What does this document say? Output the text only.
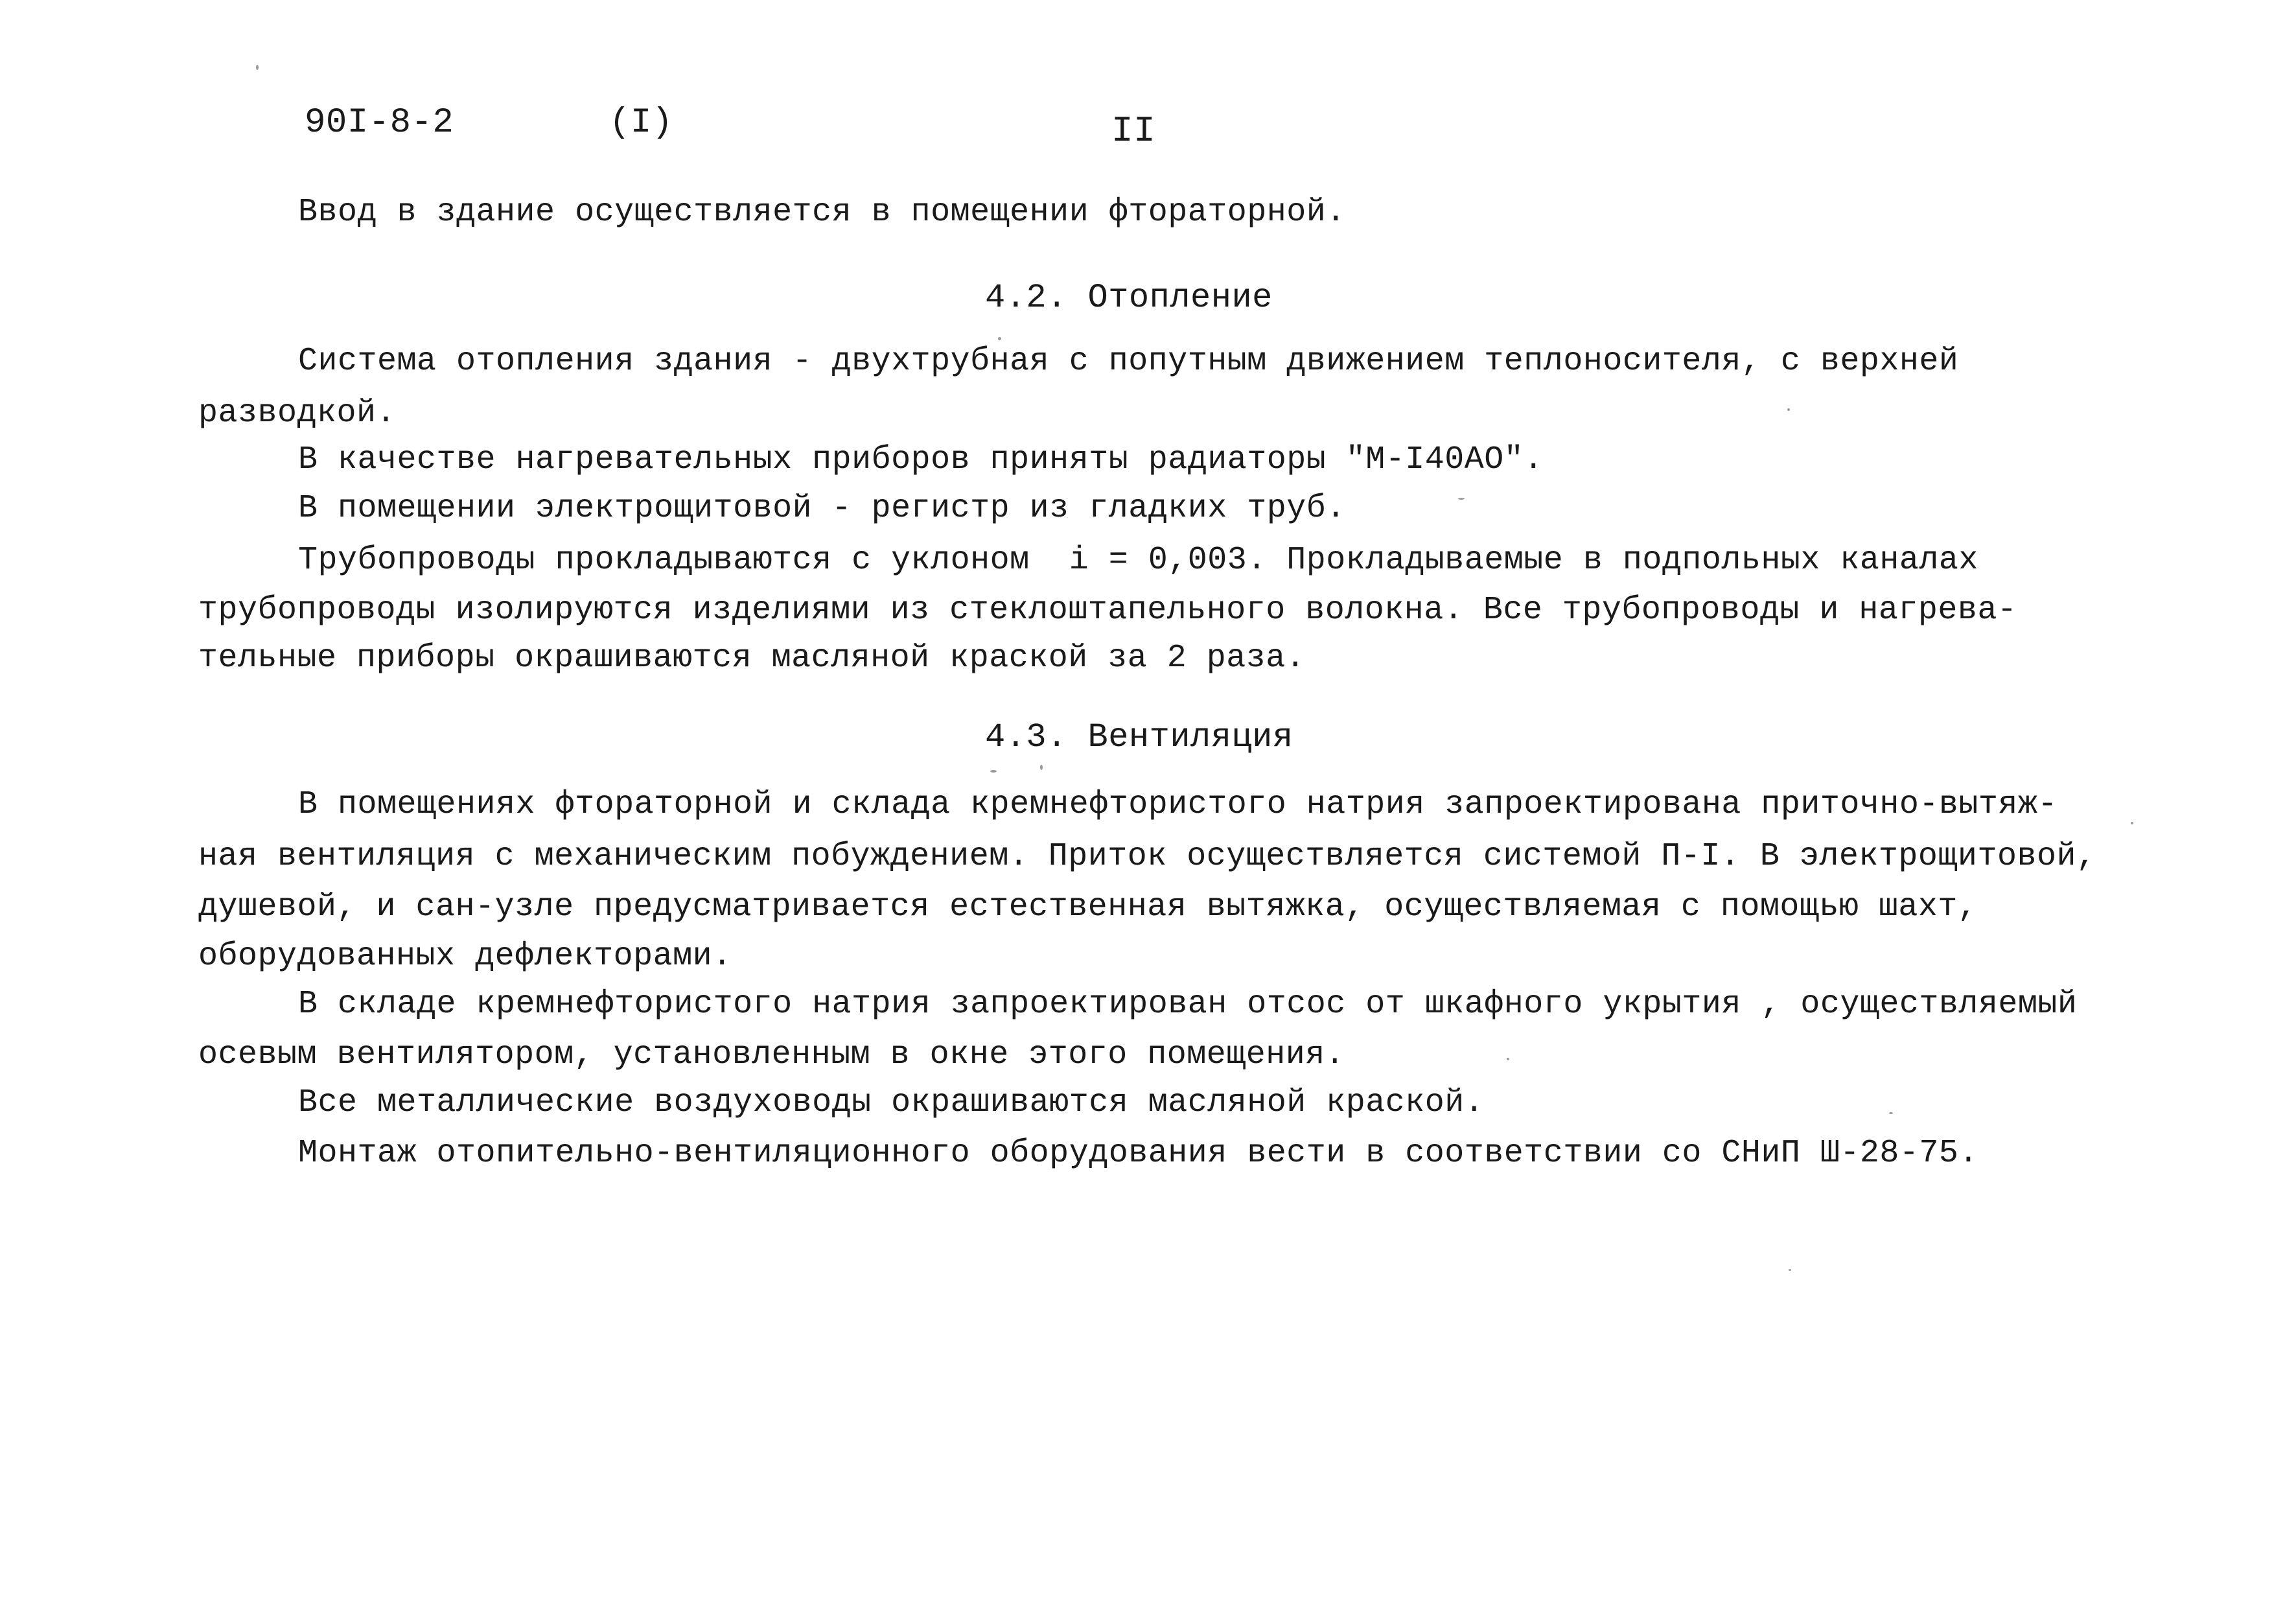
90I-8-2	(I)	II

Ввод в здание осуществляется в помещении фтораторной.

4.2. Отопление

Система отопления здания - двухтрубная с попутным движением теплоносителя, с верхней

разводкой.

В качестве нагревательных приборов приняты радиаторы "М-I40АО".

В помещении электрощитовой - регистр из гладких труб.

Трубопроводы прокладываются с уклоном  i = 0,003. Прокладываемые в подпольных каналах

трубопроводы изолируются изделиями из стеклоштапельного волокна. Все трубопроводы и нагрева-

тельные приборы окрашиваются масляной краской за 2 раза.

4.3. Вентиляция

В помещениях фтораторной и склада кремнефтористого натрия запроектирована приточно-вытяж-

ная вентиляция с механическим побуждением. Приток осуществляется системой П-I. В электрощитовой,

душевой, и сан-узле предусматривается естественная вытяжка, осуществляемая с помощью шахт,

оборудованных дефлекторами.

В складе кремнефтористого натрия запроектирован отсос от шкафного укрытия , осуществляемый

осевым вентилятором, установленным в окне этого помещения.

Все металлические воздуховоды окрашиваются масляной краской.

Монтаж отопительно-вентиляционного оборудования вести в соответствии со СНиП Ш-28-75.
